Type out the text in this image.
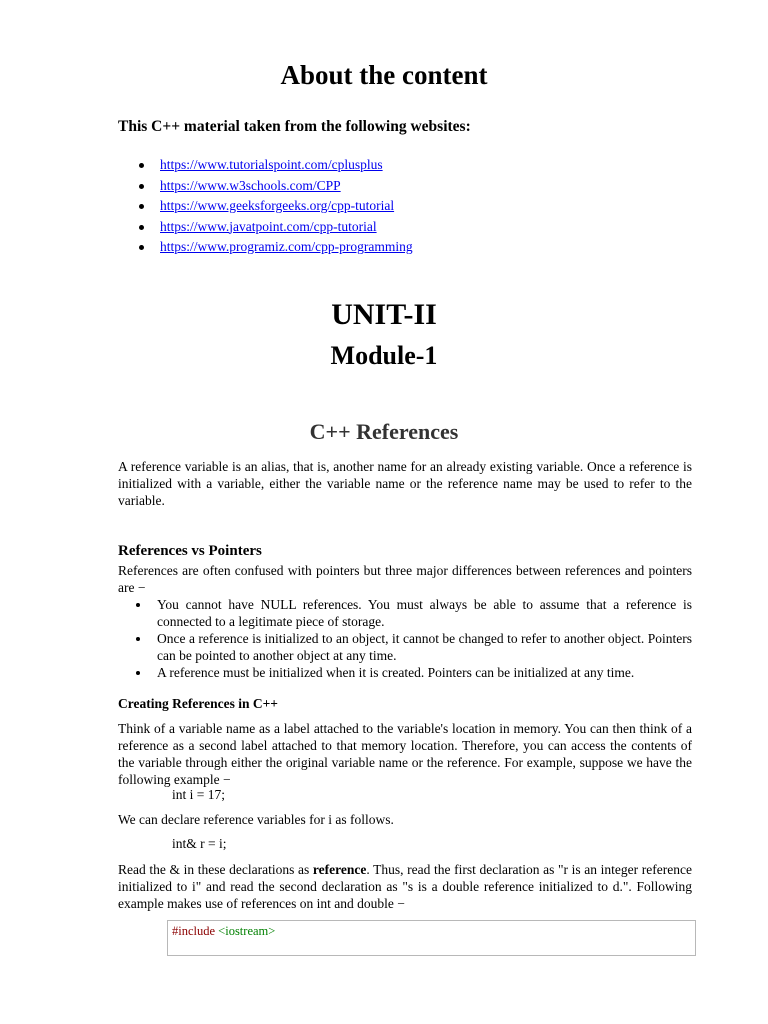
About the content

This C++ material taken from the following websites:

https://www.tutorialspoint.com/cplusplus
https://www.w3schools.com/CPP
https://www.geeksforgeeks.org/cpp-tutorial
https://www.javatpoint.com/cpp-tutorial
https://www.programiz.com/cpp-programming
UNIT-II
Module-1
C++ References

A reference variable is an alias, that is, another name for an already existing variable. Once a reference is initialized with a variable, either the variable name or the reference name may be used to refer to the variable.

References vs Pointers

References are often confused with pointers but three major differences between references and pointers are −

You cannot have NULL references. You must always be able to assume that a reference is connected to a legitimate piece of storage.
Once a reference is initialized to an object, it cannot be changed to refer to another object. Pointers can be pointed to another object at any time.
A reference must be initialized when it is created. Pointers can be initialized at any time.
Creating References in C++

Think of a variable name as a label attached to the variable's location in memory. You can then think of a reference as a second label attached to that memory location. Therefore, you can access the contents of the variable through either the original variable name or the reference. For example, suppose we have the following example −

int i = 17;

We can declare reference variables for i as follows.

int& r = i;

Read the & in these declarations as reference. Thus, read the first declaration as "r is an integer reference initialized to i" and read the second declaration as "s is a double reference initialized to d.". Following example makes use of references on int and double −

#include <iostream>
